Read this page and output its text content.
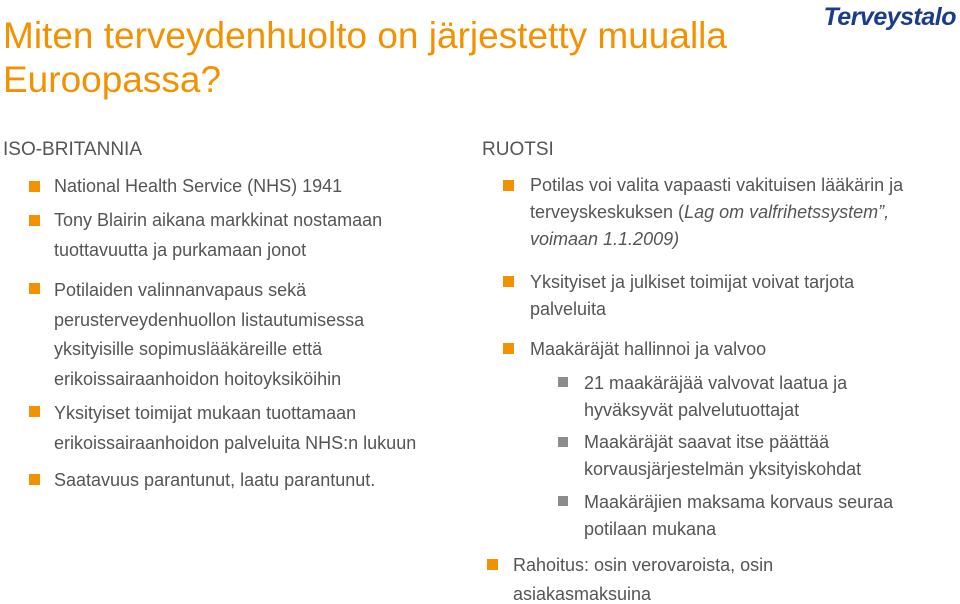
Miten terveydenhuolto on järjestetty muualla Euroopassa?
Terveystalo
ISO-BRITANNIA
National Health Service (NHS) 1941
Tony Blairin aikana markkinat nostamaan tuottavuutta ja purkamaan jonot
Potilaiden valinnanvapaus sekä perusterveydenhuollon listautumisessa yksityisille sopimuslääkäreille että erikoissairaanhoidon hoitoyksiköihin
Yksityiset toimijat mukaan tuottamaan erikoissairaanhoidon palveluita NHS:n lukuun
Saatavuus parantunut, laatu parantunut.
RUOTSI
Potilas voi valita vapaasti vakituisen lääkärin ja terveyskeskuksen (Lag om valfrihetssystem”, voimaan 1.1.2009)
Yksityiset ja julkiset toimijat voivat tarjota palveluita
Maakäräjät hallinnoi ja valvoo
21 maakäräjää valvovat laatua ja hyväksyvät palvelutuottajat
Maakäräjät saavat itse päättää korvausjärjestelmän yksityiskohdat
Maakäräjien maksama korvaus seuraa potilaan mukana
Rahoitus: osin verovaroista, osin asiakasmaksuina
